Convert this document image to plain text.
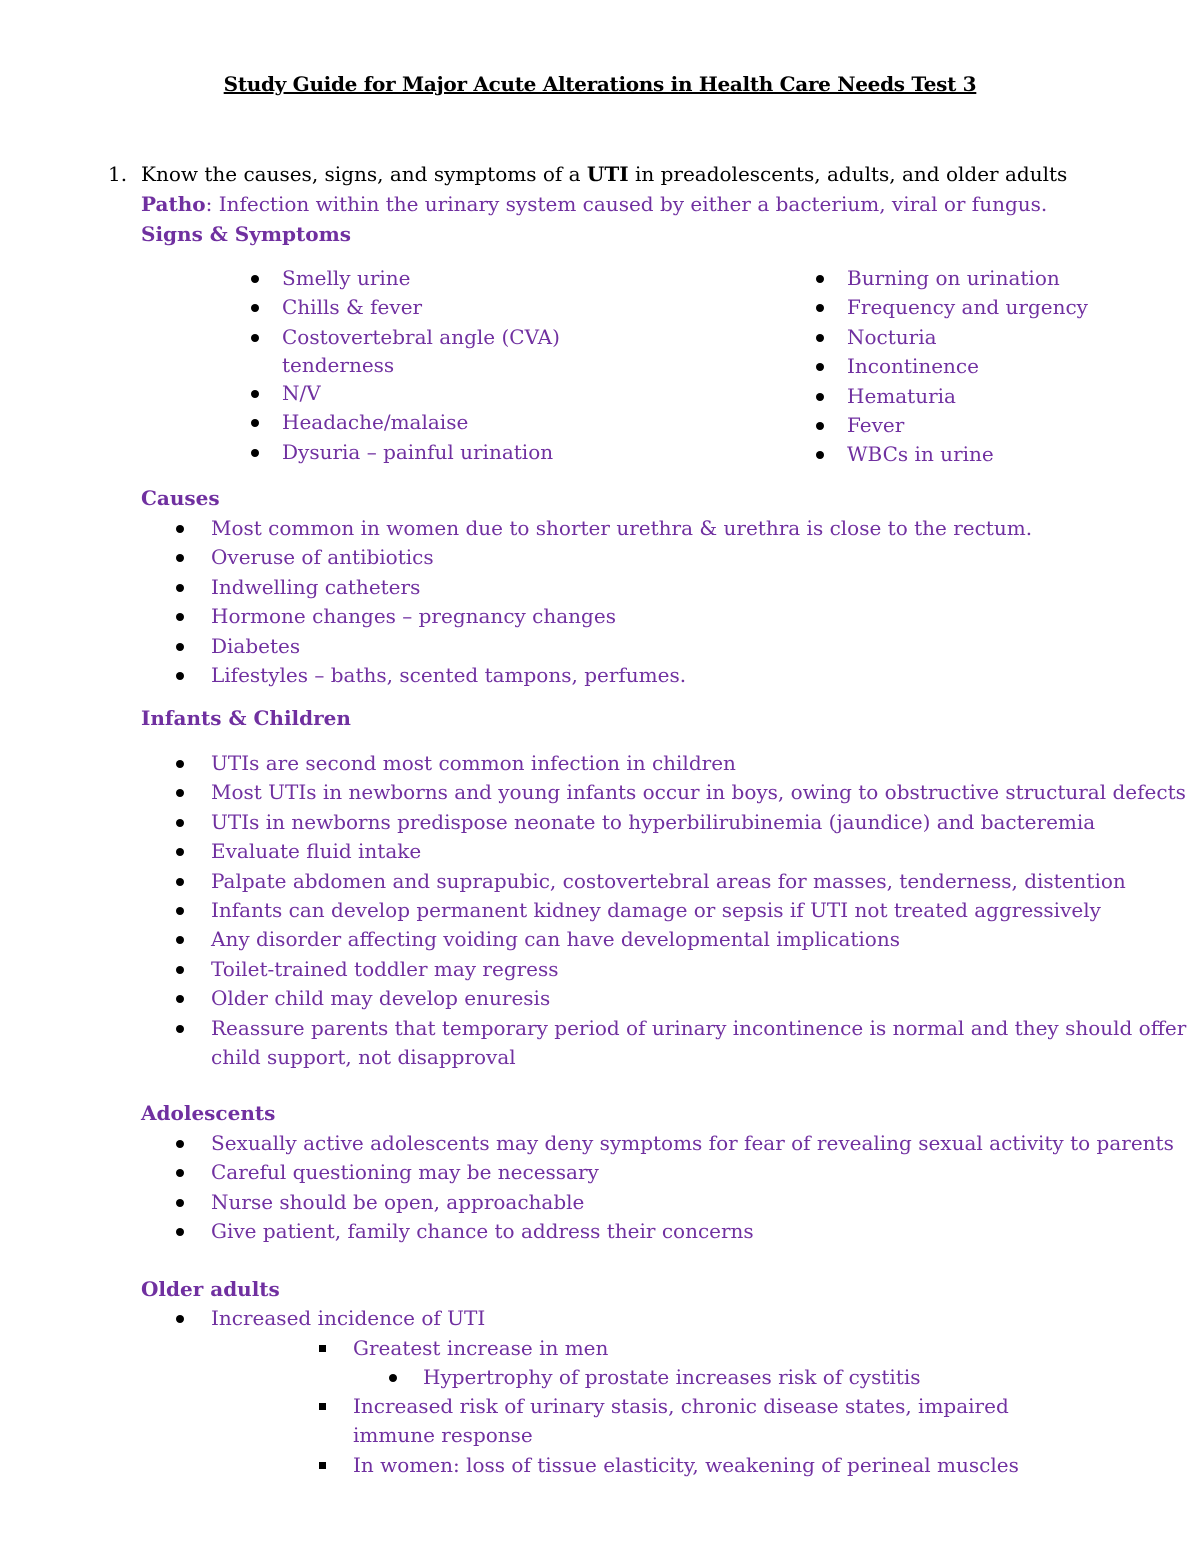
Study Guide for Major Acute Alterations in Health Care Needs Test 3
1. Know the causes, signs, and symptoms of a UTI in preadolescents, adults, and older adults
Patho: Infection within the urinary system caused by either a bacterium, viral or fungus.
Signs & Symptoms
Smelly urine
Chills & fever
Costovertebral angle (CVA)
tenderness
N/V
Headache/malaise
Dysuria – painful urination
Burning on urination
Frequency and urgency
Nocturia
Incontinence
Hematuria
Fever
WBCs in urine
Causes
Most common in women due to shorter urethra & urethra is close to the rectum.
Overuse of antibiotics
Indwelling catheters
Hormone changes – pregnancy changes
Diabetes
Lifestyles – baths, scented tampons, perfumes.
Infants & Children
UTIs are second most common infection in children
Most UTIs in newborns and young infants occur in boys, owing to obstructive structural defects
UTIs in newborns predispose neonate to hyperbilirubinemia (jaundice) and bacteremia
Evaluate fluid intake
Palpate abdomen and suprapubic, costovertebral areas for masses, tenderness, distention
Infants can develop permanent kidney damage or sepsis if UTI not treated aggressively
Any disorder affecting voiding can have developmental implications
Toilet-trained toddler may regress
Older child may develop enuresis
Reassure parents that temporary period of urinary incontinence is normal and they should offer
child support, not disapproval
Adolescents
Sexually active adolescents may deny symptoms for fear of revealing sexual activity to parents
Careful questioning may be necessary
Nurse should be open, approachable
Give patient, family chance to address their concerns
Older adults
Increased incidence of UTI
Greatest increase in men
Hypertrophy of prostate increases risk of cystitis
Increased risk of urinary stasis, chronic disease states, impaired
immune response
In women: loss of tissue elasticity, weakening of perineal muscles
